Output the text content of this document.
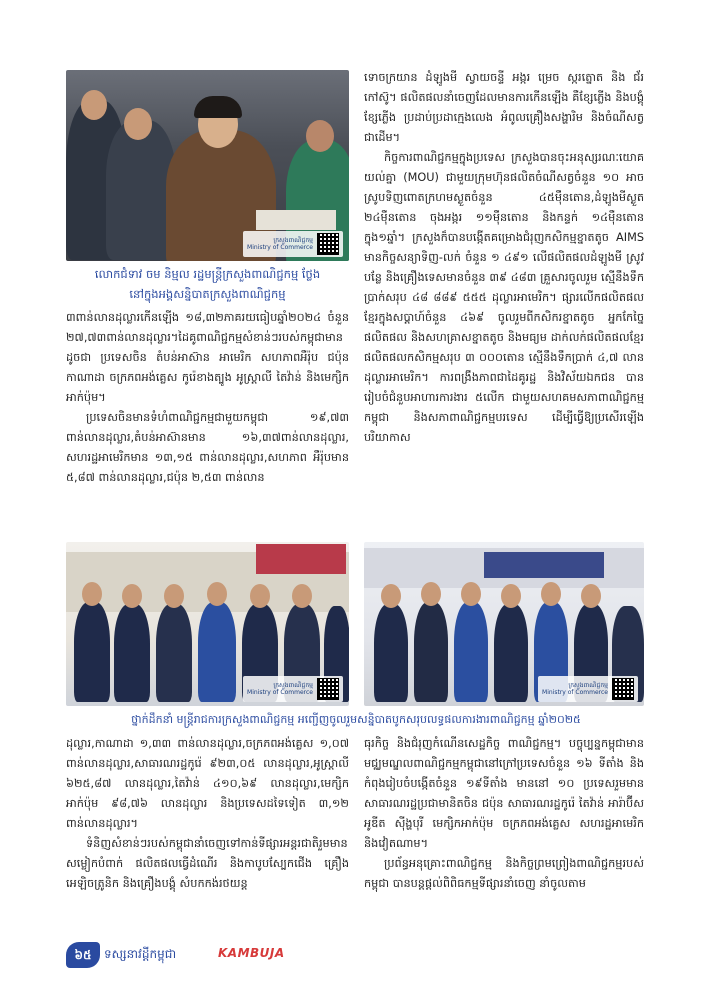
ក្រសួងពាណិជ្ជកម្ម
Ministry of Commerce
លោកជំទាវ ចម និម្មល រដ្ឋមន្ត្រីក្រសួងពាណិជ្ជកម្ម ថ្លែង
នៅក្នុងអង្គសន្និបាតក្រសួងពាណិជ្ជកម្ម

ទោចក្រយាន ដំឡូងមី ស្វាយចន្ទី អង្ករ ម្រេច ស្ករត្នោត និង ជ័រកៅស៊ូ។ ផលិតផលនាំចេញដែលមានការកើនឡើង គឺខ្សែភ្លើង និងបង្គុំខ្សែភ្លើង ប្រដាប់ប្រដាក្មេងលេង អំពូលគ្រឿងសង្ហារិម និងចំណីសត្វជាដើម។

កិច្ចការពាណិជ្ជកម្មក្នុងប្រទេស ក្រសួងបានចុះអនុស្សរណៈយោគយល់គ្នា (MOU) ជាមួយក្រុមហ៊ុនផលិតចំណីសត្វចំនួន ១០ អាចស្រូបទិញពោតក្រហមស្ងួតចំនួន ៤៥ម៉ឺនតោន,ដំឡូងមីស្ងួត ២៤ម៉ឺនតោន ចុងអង្ករ ១១ម៉ឺនតោន និងកន្ទក់ ១៤ម៉ឺនតោនក្នុង១ឆ្នាំ។ ក្រសួងក៏បានបង្កើតគម្រោងជំរុញកសិកម្មខ្នាតតូច AIMS មានកិច្ចសន្យាទិញ-លក់ ចំនួន ១ ៤៩១ លើផលិតផលដំឡូងមី ស្រូវ បន្លែ និងគ្រឿងទេសមានចំនួន ៣៩ ៤៨៣ គ្រួសារចូលរួម ស្មើនឹងទឹកប្រាក់សរុប ៤៨ ៨៨៩ ៥៥៥ ដុល្លារអាមេរិក។ ផ្សារលើកផលិតផលខ្មែរក្នុងសប្តាហ៍ចំនួន ៤៦៩ ចូលរួមពីកសិករខ្នាតតូច អ្នកកែច្នៃផលិតផល និងសហគ្រាសខ្នាតតូច និងមធ្យម ដាក់លក់ផលិតផលខ្មែរ ផលិតផលកសិកម្មសរុប ៣ ០០០តោន ស្មើនឹងទឹកប្រាក់ ៤,៧ លានដុល្លារអាមេរិក។ ការពង្រឹងភាពជាដៃគូរដ្ឋ និងវិស័យឯកជន បានរៀបចំជំនួបអាហារការងារ ៥លើក ជាមួយសហគមសភាពាណិជ្ជកម្មកម្ពុជា និងសភាពាណិជ្ជកម្មបរទេស ដើម្បីធ្វើឱ្យប្រសើរឡើងបរិយាកាស

៣ពាន់លានដុល្លារកើនឡើង ១៨,៣២ភាគរយធៀបឆ្នាំ២០២៤ ចំនួន ២៧,៧៣ពាន់លានដុល្លារ។ដៃគូពាណិជ្ជកម្មសំខាន់ៗរបស់កម្ពុជាមានដូចជា ប្រទេសចិន តំបន់អាស៊ាន អាមេរិក សហភាពអឺរ៉ុប ជប៉ុន កាណាដា ចក្រភពអង់គ្លេស កូរ៉េខាងត្បូង អូស្ត្រាលី តៃវ៉ាន់ និងមេក្សិកអាក់ប៉ុម។

ប្រទេសចិនមានទំហំពាណិជ្ជកម្មជាមួយកម្ពុជា ១៩,៧៣ ពាន់លានដុល្លារ,តំបន់អាស៊ានមាន ១៦,៣៧ពាន់លានដុល្លារ, សហរដ្ឋអាមេរិកមាន ១៣,១៥ ពាន់លានដុល្លារ,សហភាព អឺរ៉ុបមាន ៥,៨៧ ពាន់លានដុល្លារ,ជប៉ុន ២,៥៣ ពាន់លាន

ក្រសួងពាណិជ្ជកម្ម
Ministry of Commerce
ក្រសួងពាណិជ្ជកម្ម
Ministry of Commerce
ថ្នាក់ដឹកនាំ មន្ត្រីរាជការក្រសួងពាណិជ្ជកម្ម អញ្ជើញចូលរួមសន្និបាតបូកសរុបលទ្ធផលការងារពាណិជ្ជកម្ម ឆ្នាំ២០២៥

ដុល្លារ,កាណាដា ១,៣៣ ពាន់លានដុល្លារ,ចក្រភពអង់គ្លេស ១,០៧ ពាន់លានដុល្លារ,សាធារណរដ្ឋកូរ៉េ ៩២៣,០៥ លានដុល្លារ,អូស្ត្រាលី ៦២៥,៨៧ លានដុល្លារ,តៃវ៉ាន់ ៤១០,៦៩ លានដុល្លារ,មេក្សិកអាក់ប៉ុម ៩៨,៧៦ លានដុល្លារ និងប្រទេសដទៃទៀត ៣,១២ ពាន់លានដុល្លារ។

ទំនិញសំខាន់ៗរបស់កម្ពុជានាំចេញទៅកាន់ទីផ្សារអន្តរជាតិរួមមាន សម្លៀកបំពាក់ ផលិតផលធ្វើដំណើរ និងកាបូបស្បែកជើង គ្រឿងអេឡិចត្រូនិក និងគ្រឿងបង្គុំ សំបកកង់រថយន្ត

ធុរកិច្ច និងជំរុញកំណើនសេដ្ឋកិច្ច ពាណិជ្ជកម្ម។ បច្ចុប្បន្នកម្ពុជាមានមជ្ឈមណ្ឌលពាណិជ្ជកម្មកម្ពុជានៅក្រៅប្រទេសចំនួន ១៦ ទីតាំង និងកំពុងរៀបចំបង្កើតចំនួន ១៩ទីតាំង មាននៅ ១០ ប្រទេសរួមមាន សាធារណរដ្ឋប្រជាមានិតចិន ជប៉ុន សាធារណរដ្ឋកូរ៉េ តៃវ៉ាន់ អារ៉ាប៊ីសអូឌីត ស៊ីង្ហបុរី មេក្សិកអាក់ប៉ុម ចក្រភពអង់គ្លេស សហរដ្ឋអាមេរិក និងវៀតណាម។

ប្រព័ន្ធអនុគ្រោះពាណិជ្ជកម្ម និងកិច្ចព្រមព្រៀងពាណិជ្ជកម្មរបស់កម្ពុជា បានបន្តផ្តល់ពិពិធកម្មទីផ្សារនាំចេញ នាំចូលតាម

៦៥	ទស្សនាវដ្តីកម្ពុជា	KAMBUJA
